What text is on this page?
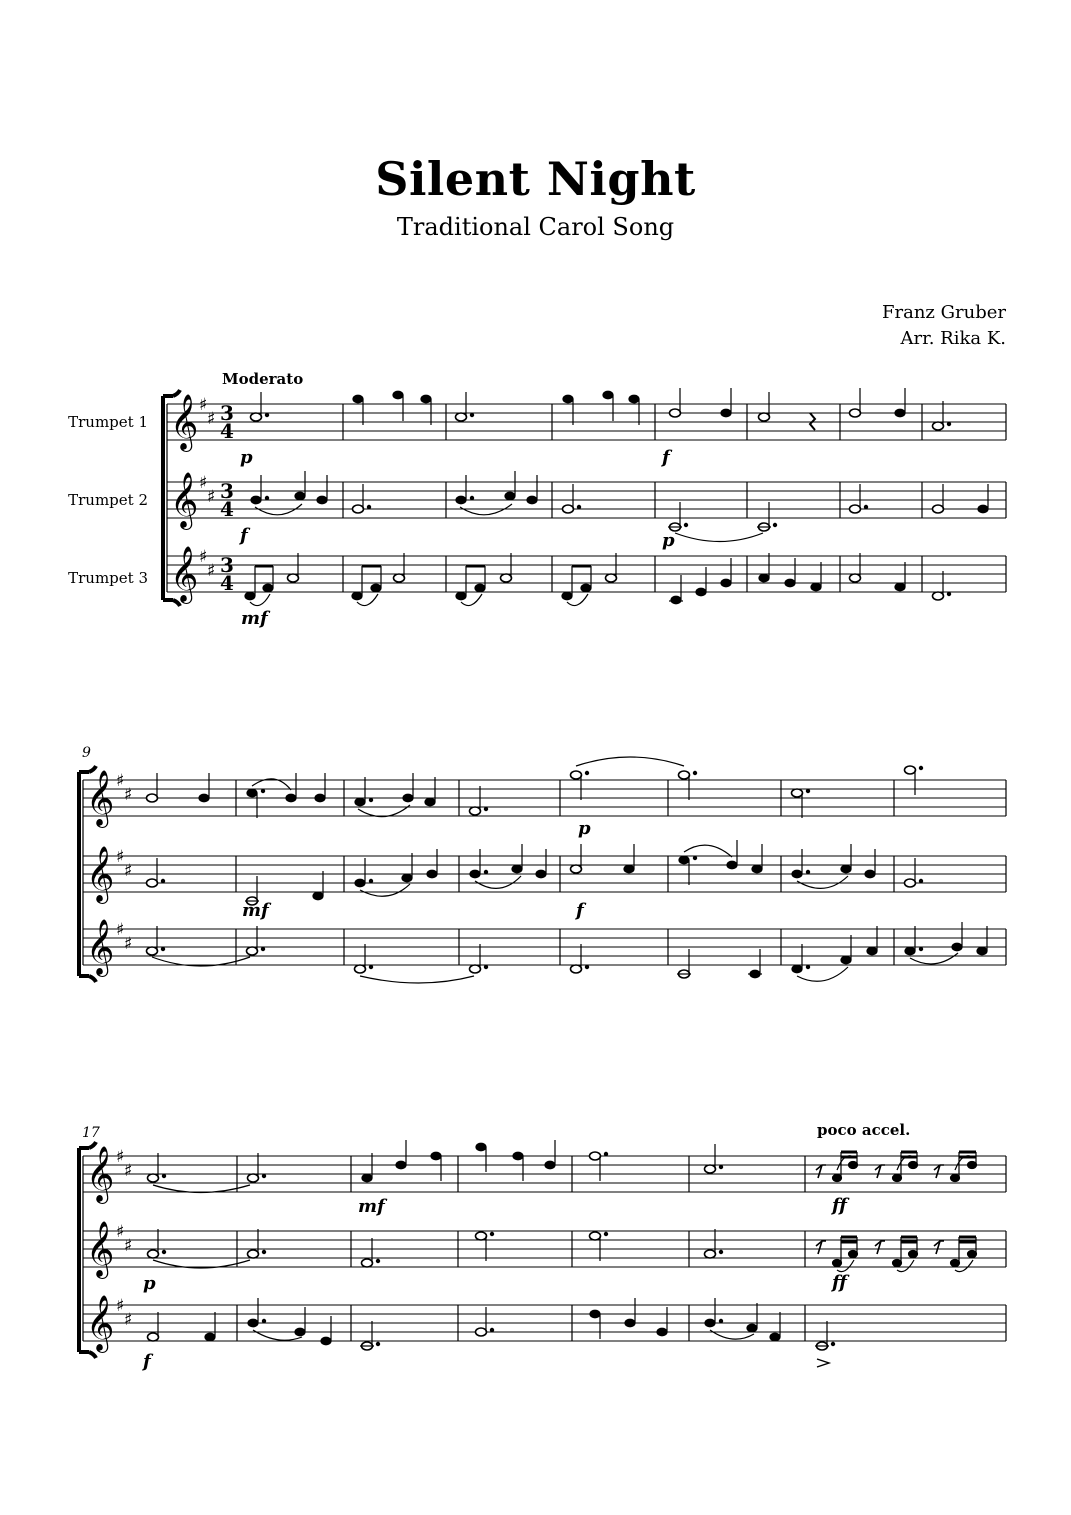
Silent Night
Traditional Carol Song
Franz Gruber
Arr. Rika K.
Moderato
Trumpet 1
Trumpet 2
Trumpet 3
𝄞
𝄞
𝄞
♯
♯
♯
♯
♯
♯
3
4
3
4
3
4
p	f
p
f
mf
9
𝄞
𝄞
𝄞
♯
♯
♯
♯
♯
♯
p
mf	f
17	poco accel.
𝄞
𝄞
𝄞
♯
♯
♯
♯
♯
♯
mf	ff
p	ff
f
